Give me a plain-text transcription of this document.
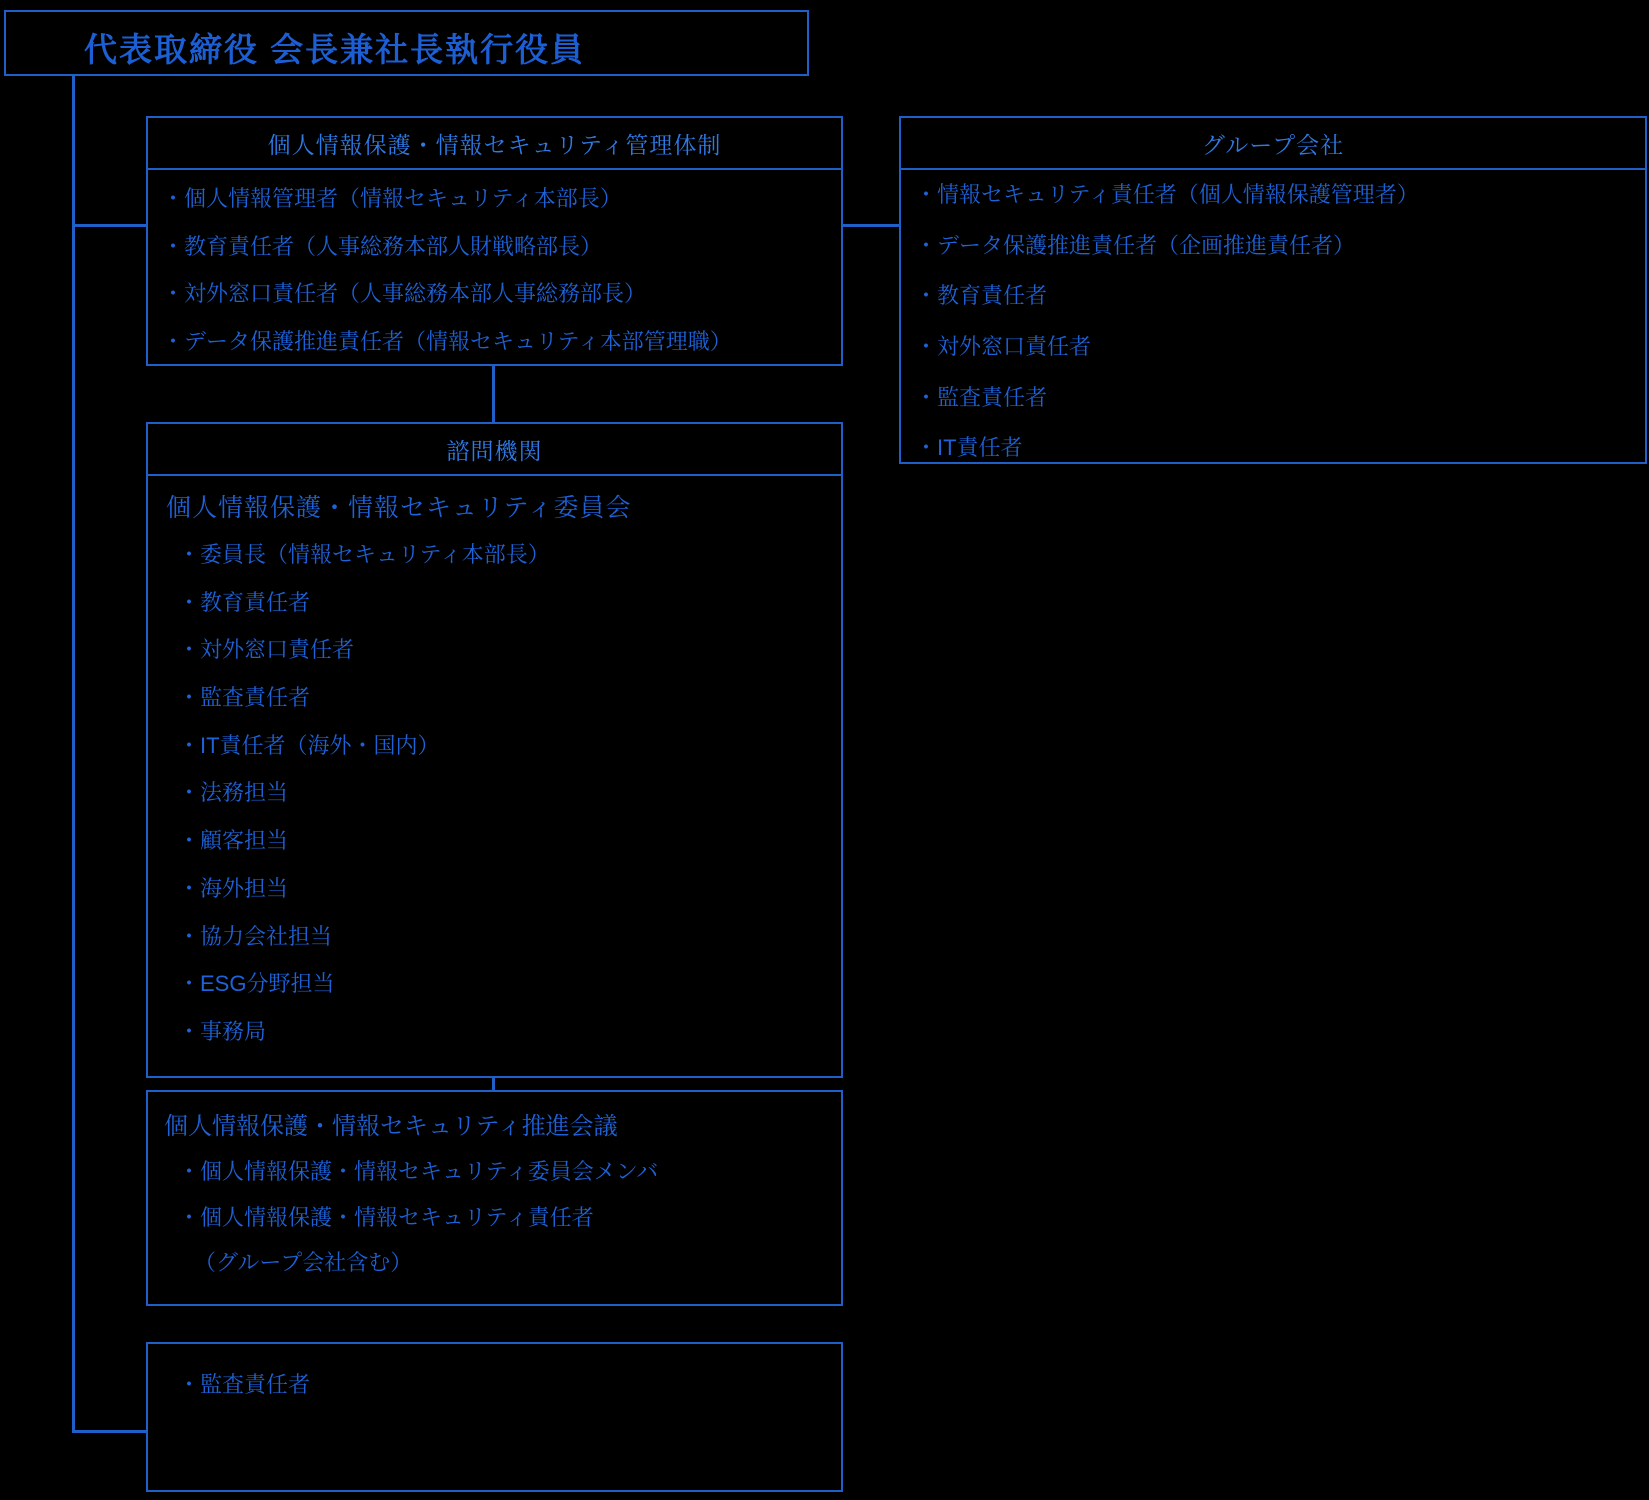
代表取締役 会長兼社長執行役員
個人情報保護・情報セキュリティ管理体制
・個人情報管理者（情報セキュリティ本部長）
・教育責任者（人事総務本部人財戦略部長）
・対外窓口責任者（人事総務本部人事総務部長）
・データ保護推進責任者（情報セキュリティ本部管理職）
グループ会社
・情報セキュリティ責任者（個人情報保護管理者）
・データ保護推進責任者（企画推進責任者）
・教育責任者
・対外窓口責任者
・監査責任者
・IT責任者
諮問機関
個人情報保護・情報セキュリティ委員会
・委員長（情報セキュリティ本部長）
・教育責任者
・対外窓口責任者
・監査責任者
・IT責任者（海外・国内）
・法務担当
・顧客担当
・海外担当
・協力会社担当
・ESG分野担当
・事務局
個人情報保護・情報セキュリティ推進会議
・個人情報保護・情報セキュリティ委員会メンバ
・個人情報保護・情報セキュリティ責任者
（グループ会社含む）
・監査責任者
